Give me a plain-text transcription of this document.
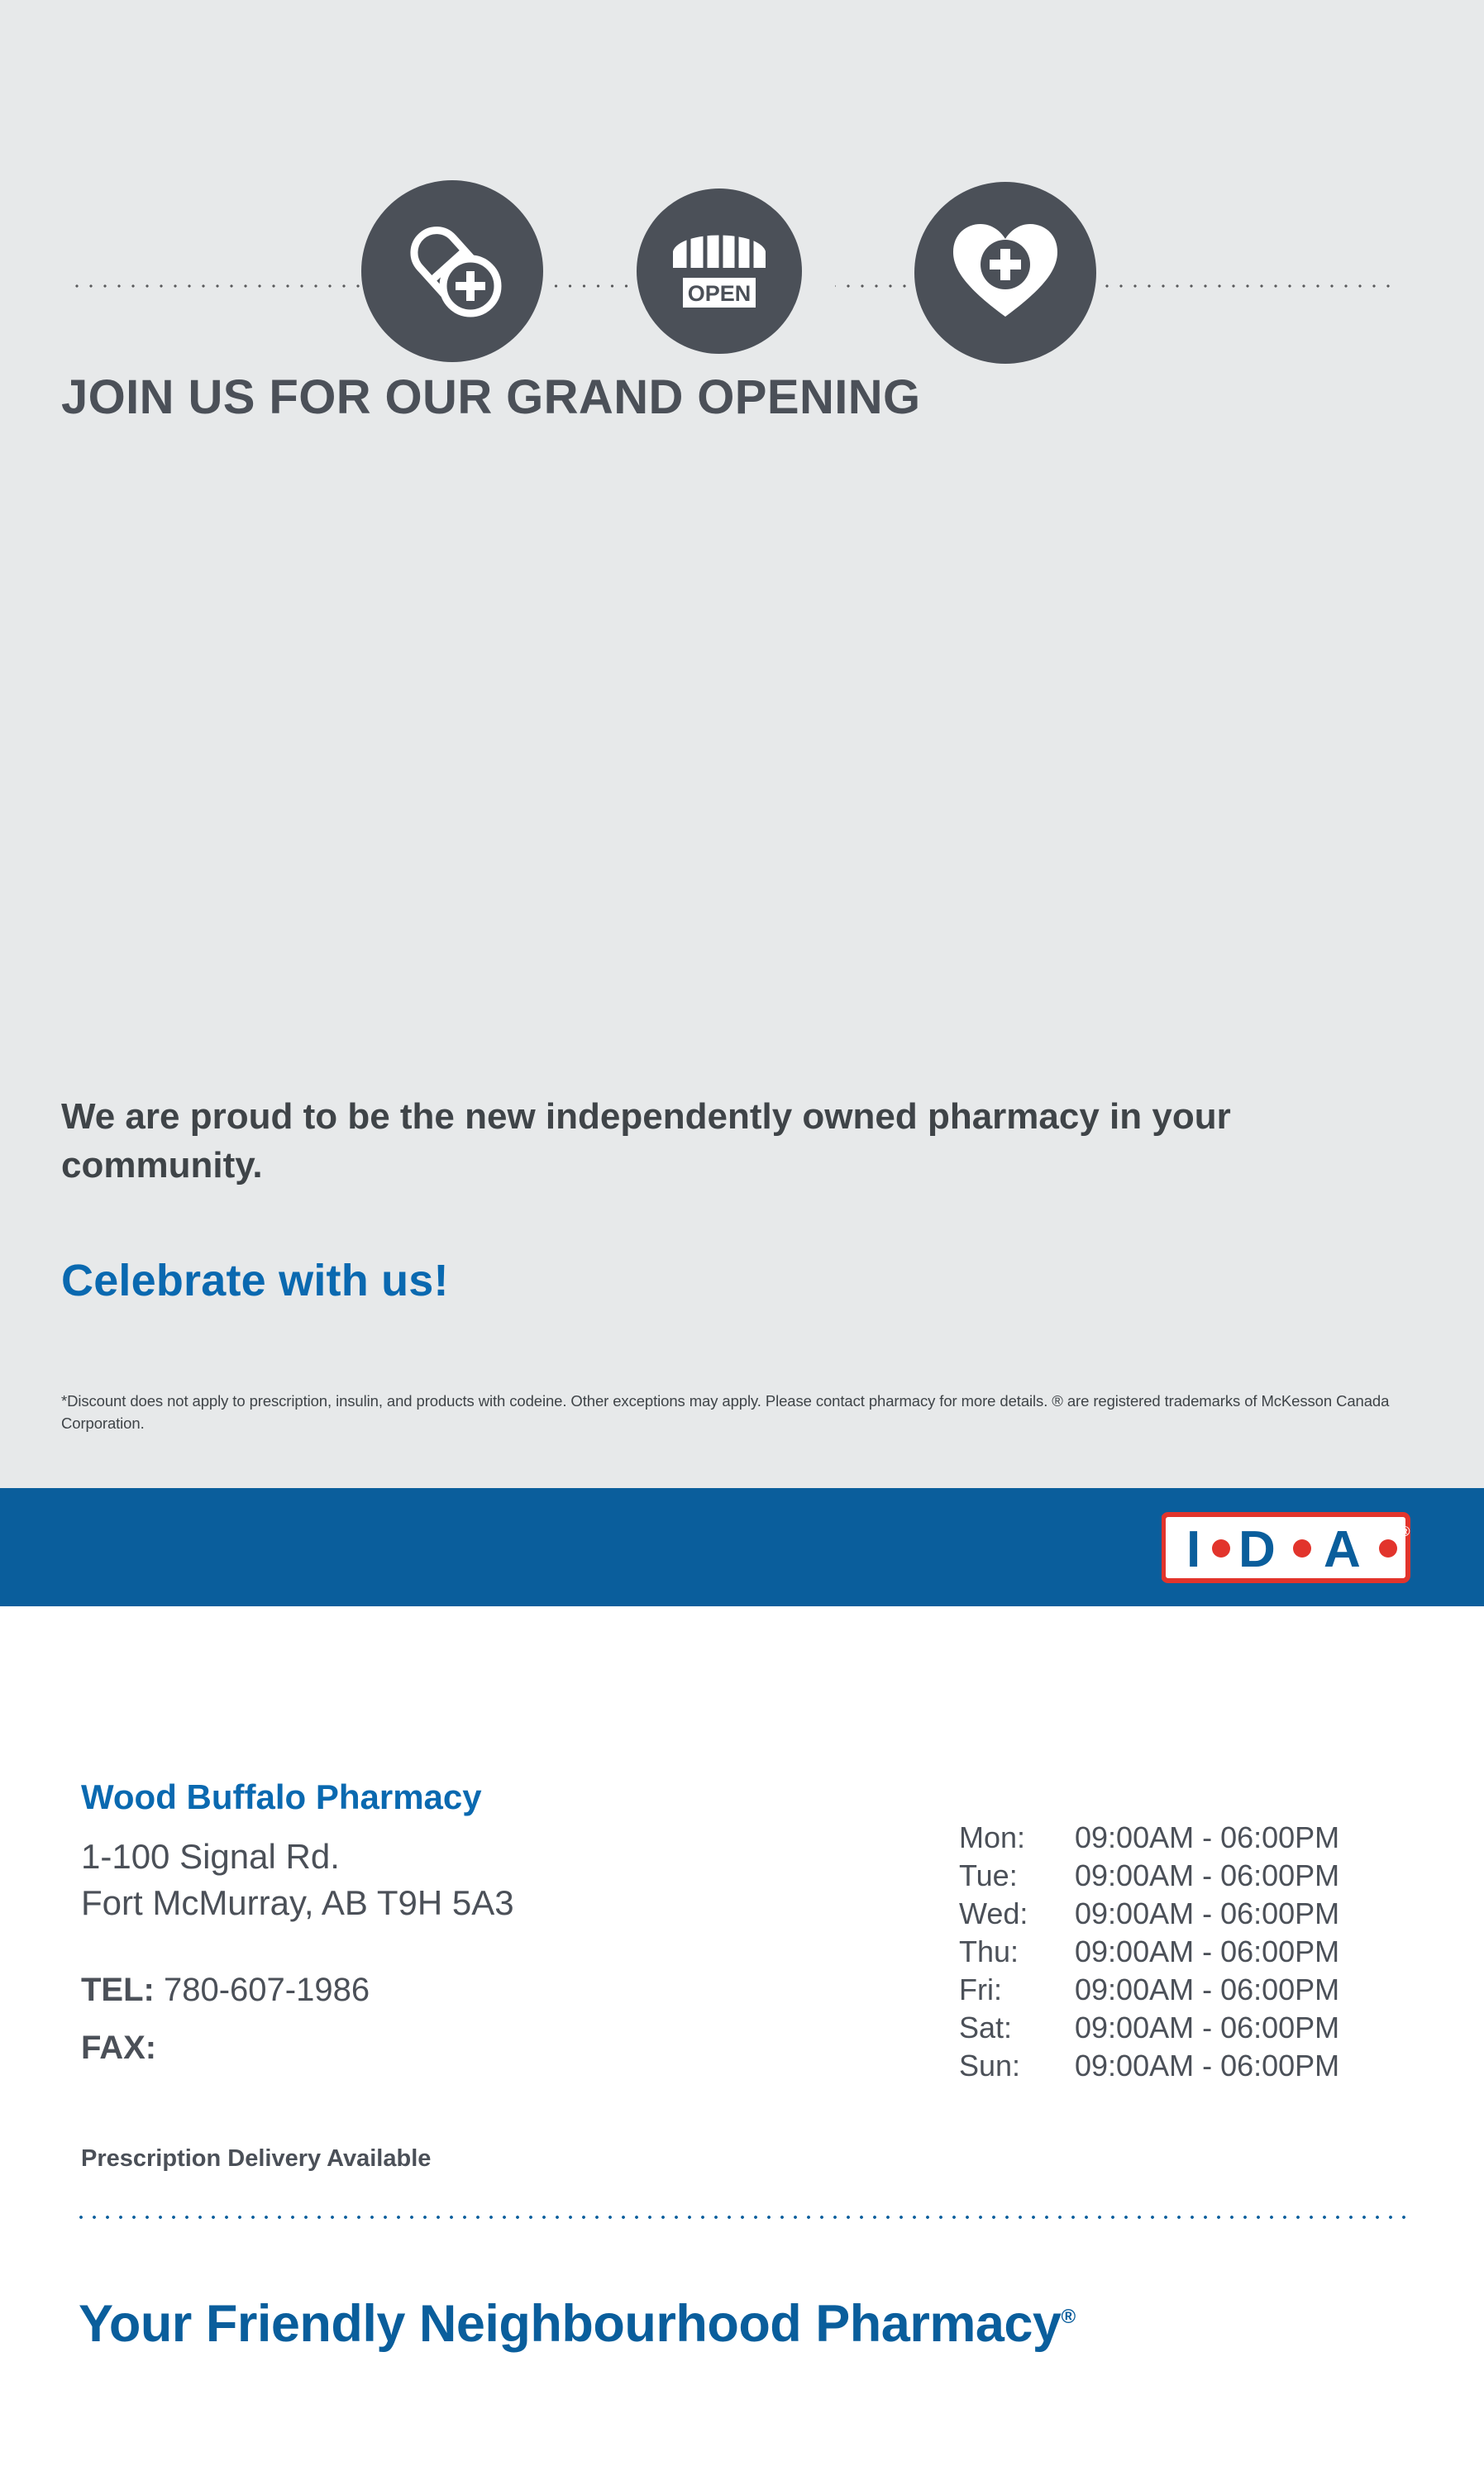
OPEN
JOIN US FOR OUR GRAND OPENING
We are proud to be the new independently owned pharmacy in your community.
Celebrate with us!
*Discount does not apply to prescription, insulin, and products with codeine. Other exceptions may apply. Please contact pharmacy for more details. ® are registered trademarks of McKesson Canada Corporation.
I D A	®
Wood Buffalo Pharmacy
1-100 Signal Rd.
Fort McMurray, AB T9H 5A3
TEL: 780-607-1986
FAX:
Prescription Delivery Available
Mon:	09:00AM - 06:00PM
Tue:	09:00AM - 06:00PM
Wed:	09:00AM - 06:00PM
Thu:	09:00AM - 06:00PM
Fri:	09:00AM - 06:00PM
Sat:	09:00AM - 06:00PM
Sun:	09:00AM - 06:00PM
Your Friendly Neighbourhood Pharmacy®
